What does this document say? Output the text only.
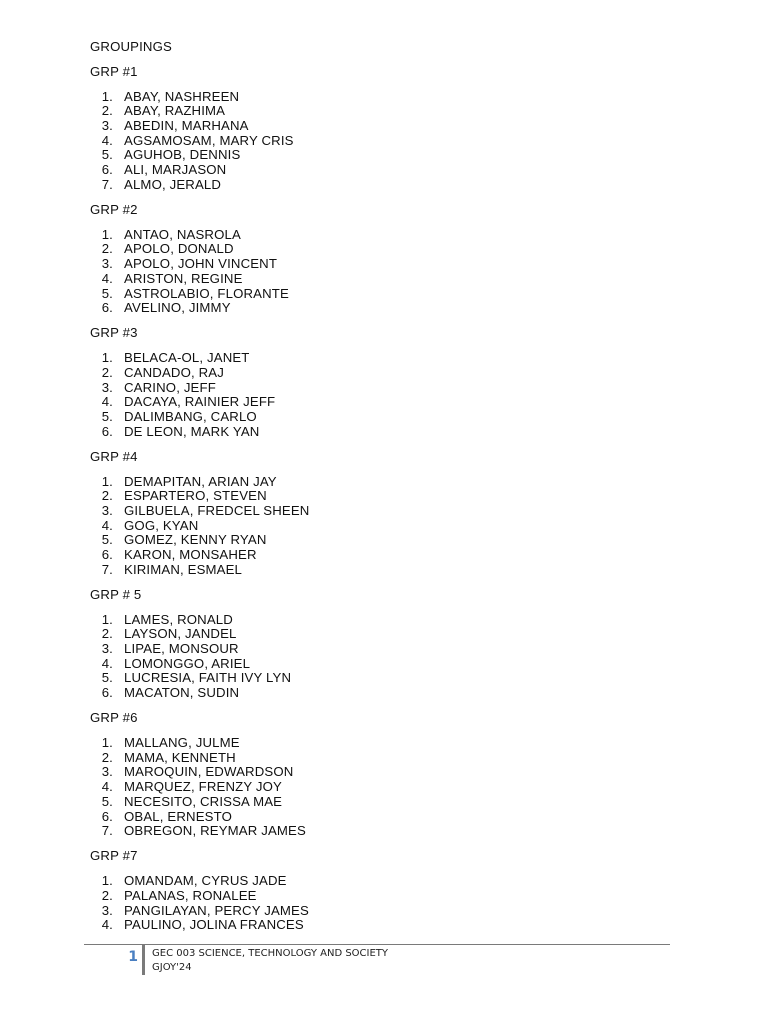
GROUPINGS
GRP #1
1. ABAY, NASHREEN
2. ABAY, RAZHIMA
3. ABEDIN, MARHANA
4. AGSAMOSAM, MARY CRIS
5. AGUHOB, DENNIS
6. ALI, MARJASON
7. ALMO, JERALD
GRP #2
1. ANTAO, NASROLA
2. APOLO, DONALD
3. APOLO, JOHN VINCENT
4. ARISTON, REGINE
5. ASTROLABIO, FLORANTE
6. AVELINO, JIMMY
GRP #3
1. BELACA-OL, JANET
2. CANDADO, RAJ
3. CARINO, JEFF
4. DACAYA, RAINIER JEFF
5. DALIMBANG, CARLO
6. DE LEON, MARK YAN
GRP #4
1. DEMAPITAN, ARIAN JAY
2. ESPARTERO, STEVEN
3. GILBUELA, FREDCEL SHEEN
4. GOG, KYAN
5. GOMEZ, KENNY RYAN
6. KARON, MONSAHER
7. KIRIMAN, ESMAEL
GRP # 5
1. LAMES, RONALD
2. LAYSON, JANDEL
3. LIPAE, MONSOUR
4. LOMONGGO, ARIEL
5. LUCRESIA, FAITH IVY LYN
6. MACATON, SUDIN
GRP #6
1. MALLANG, JULME
2. MAMA, KENNETH
3. MAROQUIN, EDWARDSON
4. MARQUEZ, FRENZY JOY
5. NECESITO, CRISSA MAE
6. OBAL, ERNESTO
7. OBREGON, REYMAR JAMES
GRP #7
1. OMANDAM, CYRUS JADE
2. PALANAS, RONALEE
3. PANGILAYAN, PERCY JAMES
4. PAULINO, JOLINA FRANCES
1 GEC 003 SCIENCE, TECHNOLOGY AND SOCIETY
GJOY'24
